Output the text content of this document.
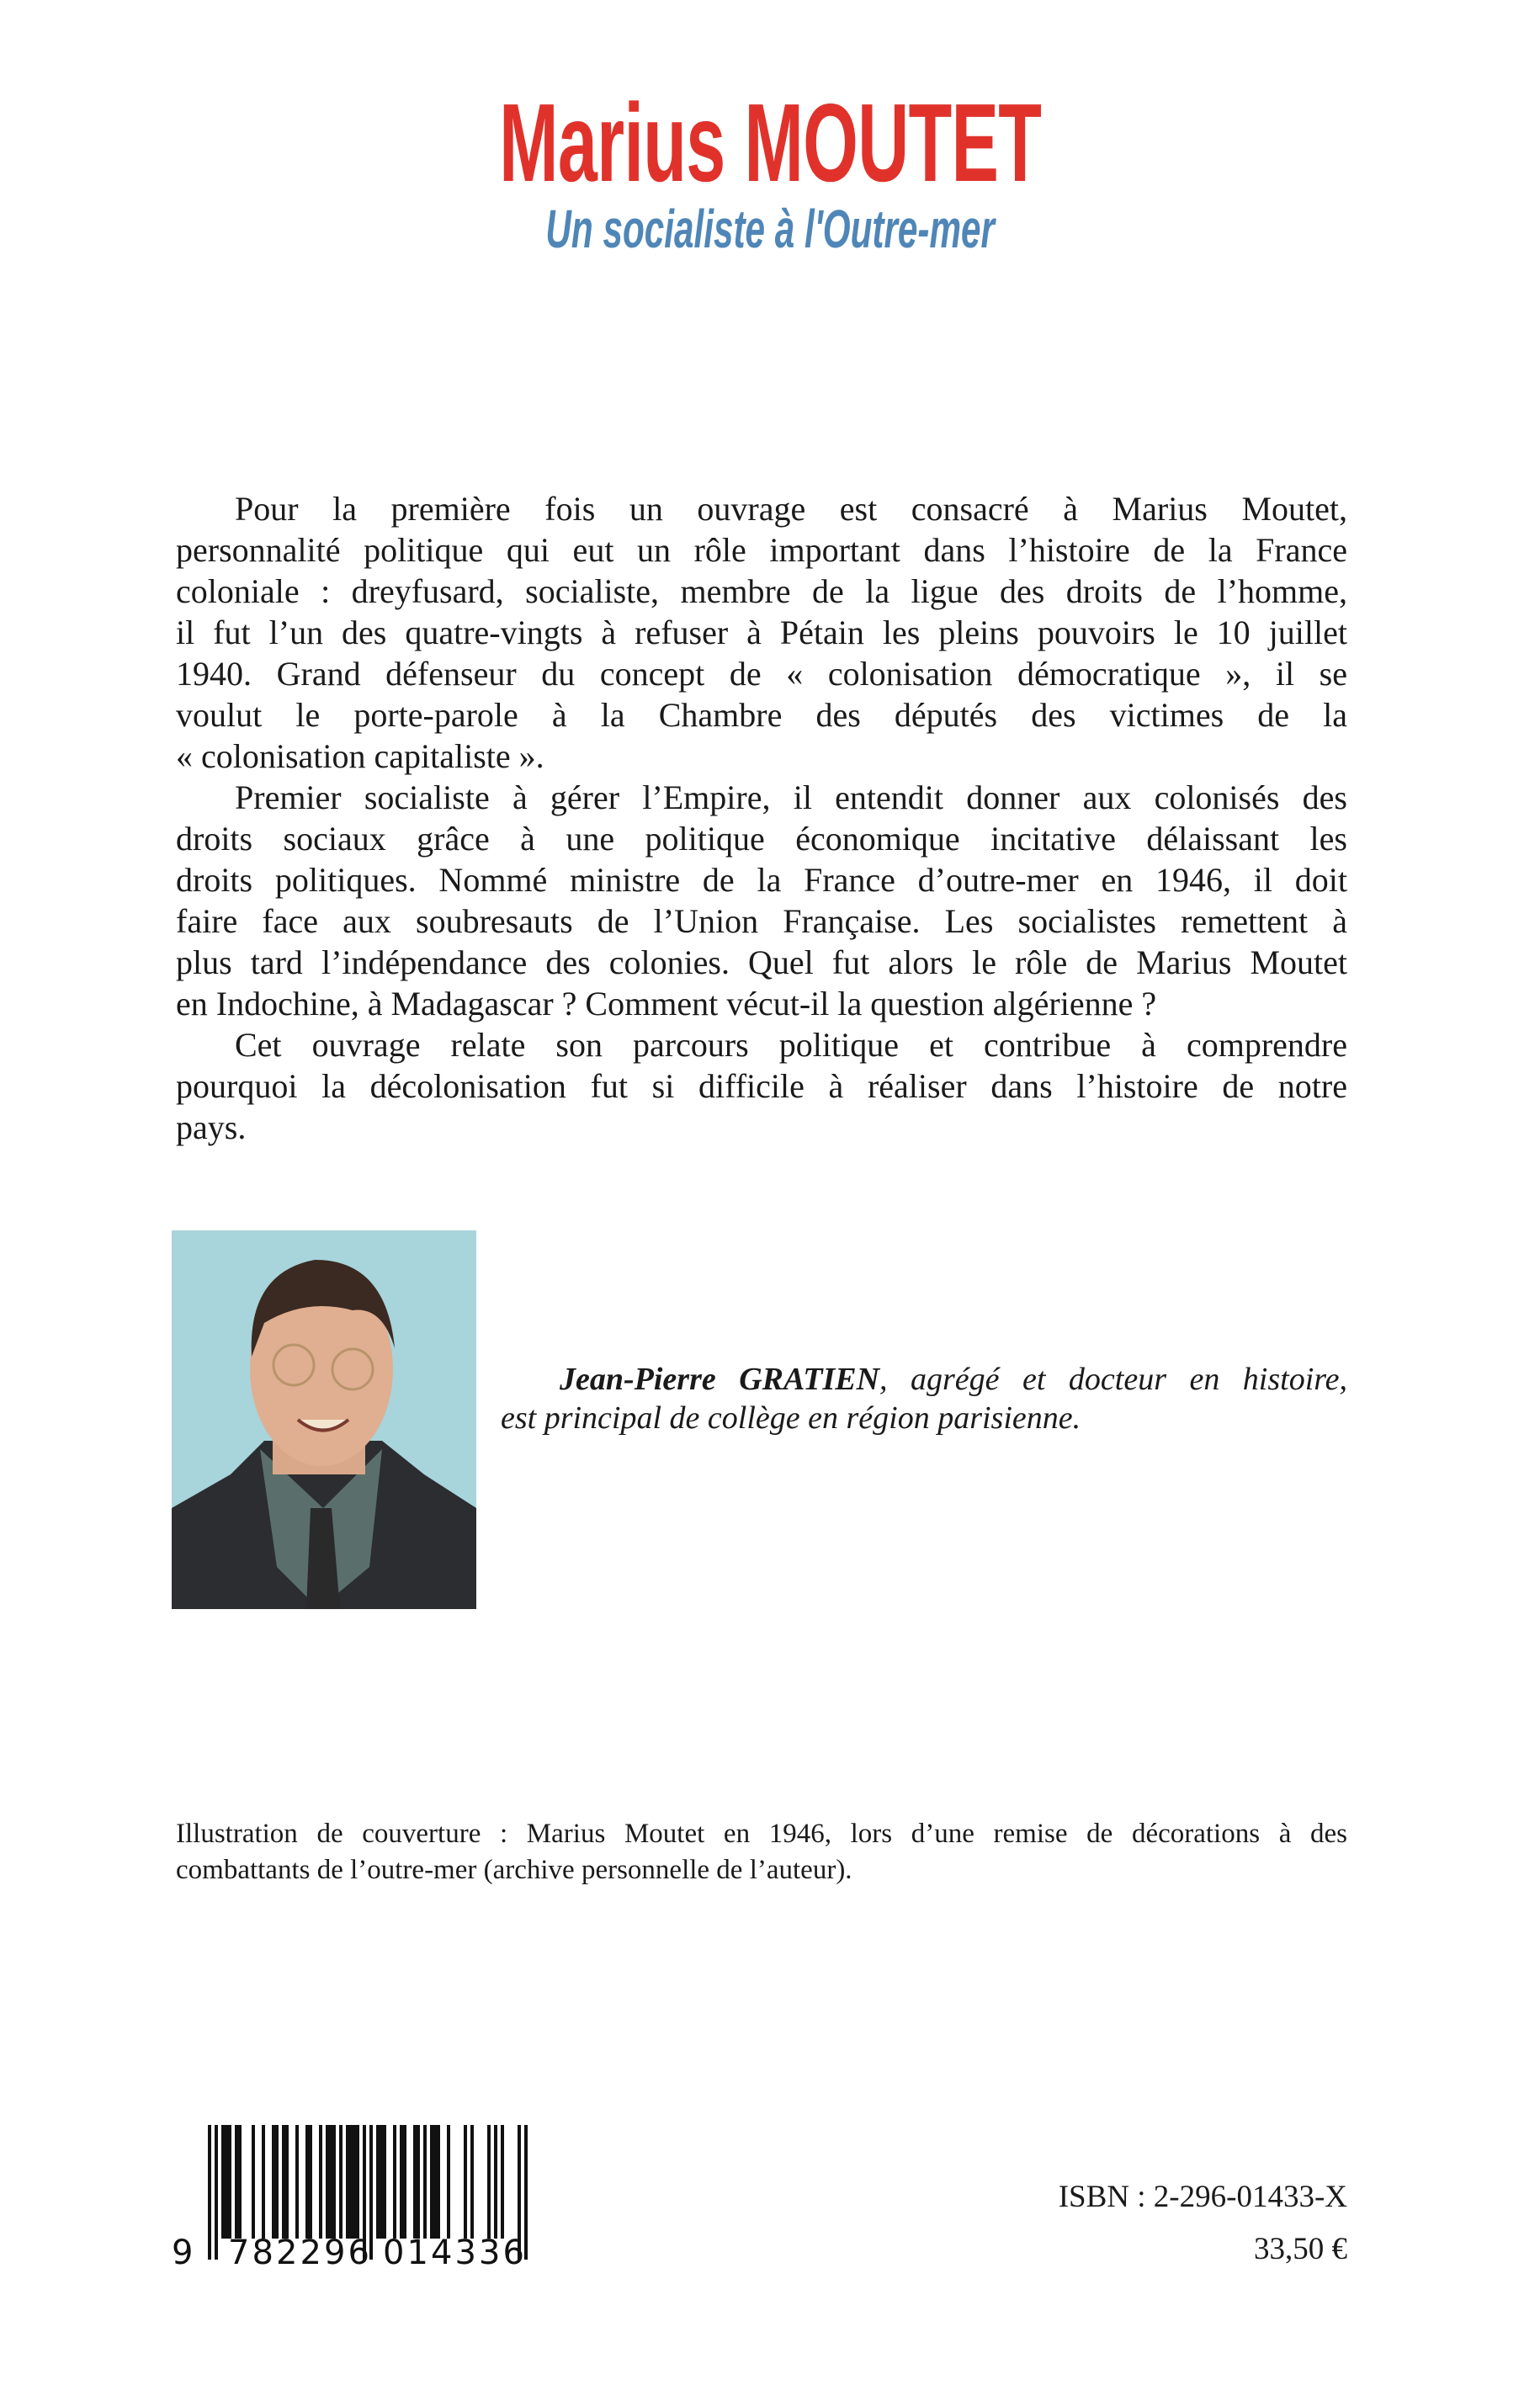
Marius MOUTET
Un socialiste à l'Outre-mer
Pour la première fois un ouvrage est consacré à Marius Moutet,
personnalité politique qui eut un rôle important dans l’histoire de la France
coloniale : dreyfusard, socialiste, membre de la ligue des droits de l’homme,
il fut l’un des quatre-vingts à refuser à Pétain les pleins pouvoirs le 10 juillet
1940. Grand défenseur du concept de « colonisation démocratique », il se
voulut le porte-parole à la Chambre des députés des victimes de la
« colonisation capitaliste ».
Premier socialiste à gérer l’Empire, il entendit donner aux colonisés des
droits sociaux grâce à une politique économique incitative délaissant les
droits politiques. Nommé ministre de la France d’outre-mer en 1946, il doit
faire face aux soubresauts de l’Union Française. Les socialistes remettent à
plus tard l’indépendance des colonies. Quel fut alors le rôle de Marius Moutet
en Indochine, à Madagascar ? Comment vécut-il la question algérienne ?
Cet ouvrage relate son parcours politique et contribue à comprendre
pourquoi la décolonisation fut si difficile à réaliser dans l’histoire de notre
pays.
Jean-Pierre GRATIEN, agrégé et docteur en histoire,
est principal de collège en région parisienne.
Illustration de couverture : Marius Moutet en 1946, lors d’une remise de décorations à des
combattants de l’outre-mer (archive personnelle de l’auteur).
9 782296 014336
ISBN : 2-296-01433-X
33,50 €
